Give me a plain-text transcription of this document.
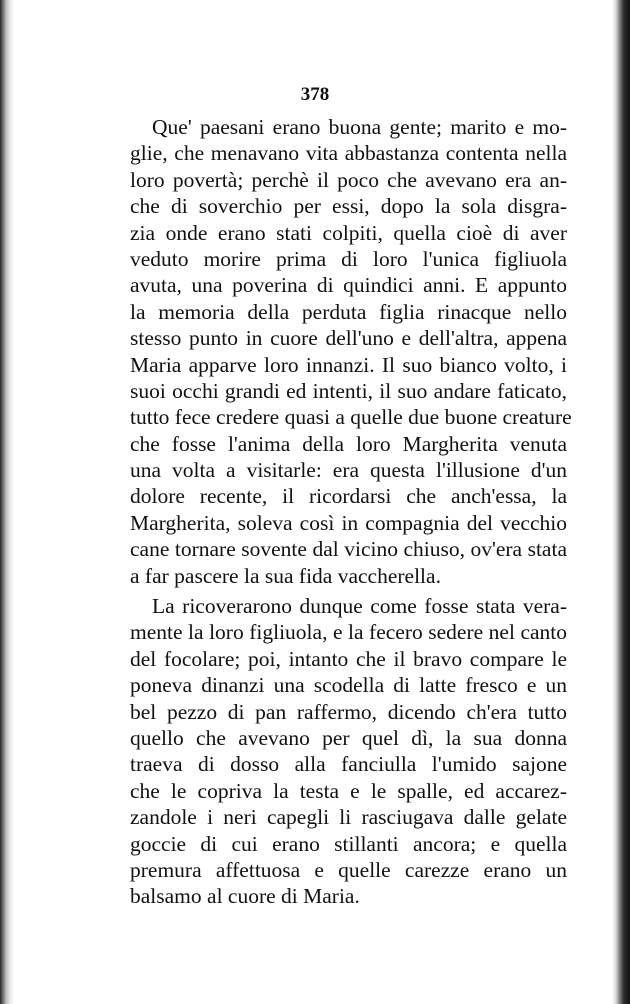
378
Que' paesani erano buona gente; marito e mo-
glie, che menavano vita abbastanza contenta nella
loro povertà; perchè il poco che avevano era an-
che di soverchio per essi, dopo la sola disgra-
zia onde erano stati colpiti, quella cioè di aver
veduto morire prima di loro l'unica figliuola
avuta, una poverina di quindici anni. E appunto
la memoria della perduta figlia rinacque nello
stesso punto in cuore dell'uno e dell'altra, appena
Maria apparve loro innanzi. Il suo bianco volto, i
suoi occhi grandi ed intenti, il suo andare faticato,
tutto fece credere quasi a quelle due buone creature
che fosse l'anima della loro Margherita venuta
una volta a visitarle: era questa l'illusione d'un
dolore recente, il ricordarsi che anch'essa, la
Margherita, soleva così in compagnia del vecchio
cane tornare sovente dal vicino chiuso, ov'era stata
a far pascere la sua fida vaccherella.
La ricoverarono dunque come fosse stata vera-
mente la loro figliuola, e la fecero sedere nel canto
del focolare; poi, intanto che il bravo compare le
poneva dinanzi una scodella di latte fresco e un
bel pezzo di pan raffermo, dicendo ch'era tutto
quello che avevano per quel dì, la sua donna
traeva di dosso alla fanciulla l'umido sajone
che le copriva la testa e le spalle, ed accarez-
zandole i neri capegli li rasciugava dalle gelate
goccie di cui erano stillanti ancora; e quella
premura affettuosa e quelle carezze erano un
balsamo al cuore di Maria.
